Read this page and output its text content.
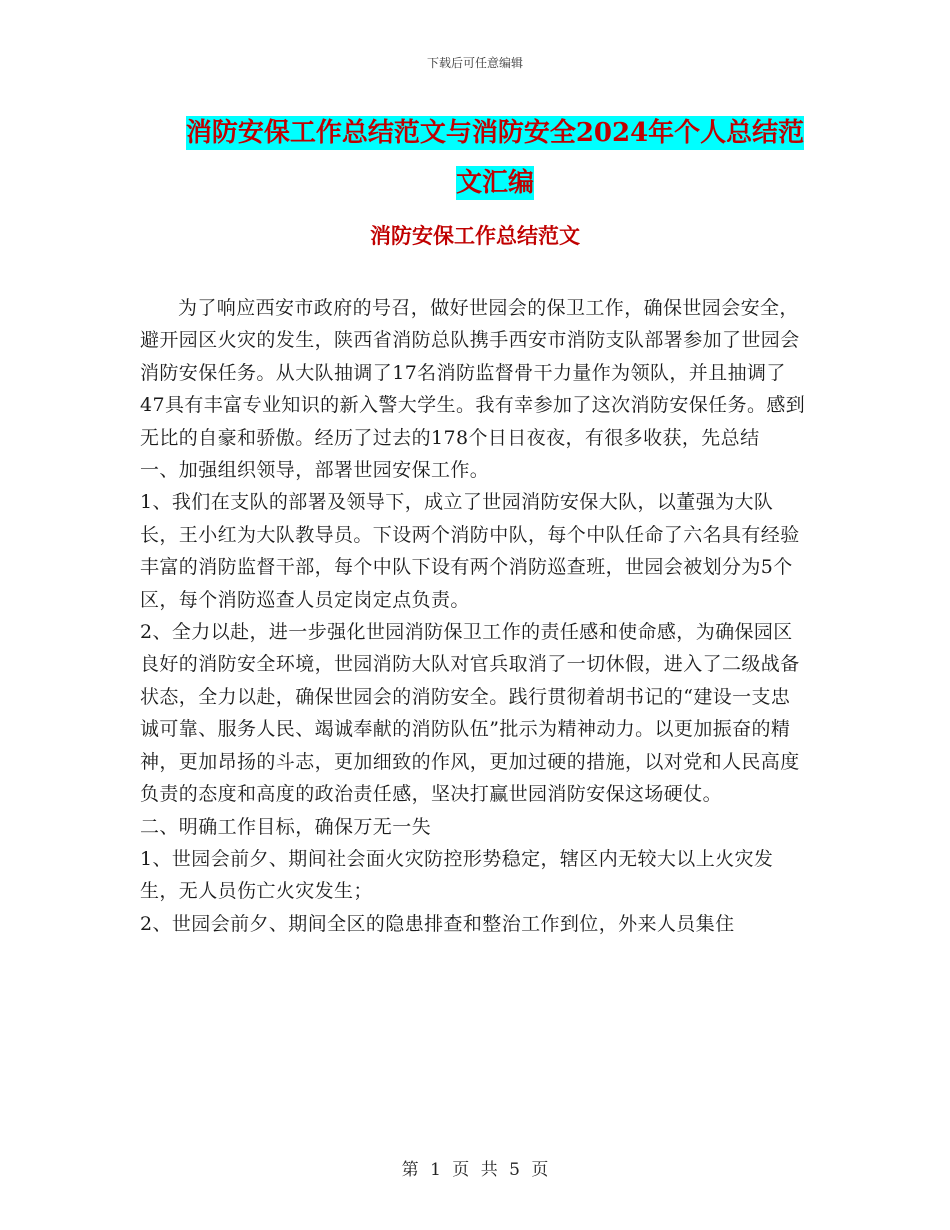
下载后可任意编辑
消防安保工作总结范文与消防安全2024年个人总结范
文汇编
消防安保工作总结范文

为了响应西安市政府的号召，做好世园会的保卫工作，确保世园会安全，避开园区火灾的发生，陕西省消防总队携手西安市消防支队部署参加了世园会消防安保任务。从大队抽调了17名消防监督骨干力量作为领队，并且抽调了47具有丰富专业知识的新入警大学生。我有幸参加了这次消防安保任务。感到无比的自豪和骄傲。经历了过去的178个日日夜夜，有很多收获，先总结

一、加强组织领导，部署世园安保工作。

1、我们在支队的部署及领导下，成立了世园消防安保大队，以董强为大队长，王小红为大队教导员。下设两个消防中队，每个中队任命了六名具有经验丰富的消防监督干部，每个中队下设有两个消防巡查班，世园会被划分为5个区，每个消防巡查人员定岗定点负责。

2、全力以赴，进一步强化世园消防保卫工作的责任感和使命感，为确保园区良好的消防安全环境，世园消防大队对官兵取消了一切休假，进入了二级战备状态，全力以赴，确保世园会的消防安全。践行贯彻着胡书记的“建设一支忠诚可靠、服务人民、竭诚奉献的消防队伍”批示为精神动力。以更加振奋的精神，更加昂扬的斗志，更加细致的作风，更加过硬的措施，以对党和人民高度负责的态度和高度的政治责任感，坚决打赢世园消防安保这场硬仗。

二、明确工作目标，确保万无一失

1、世园会前夕、期间社会面火灾防控形势稳定，辖区内无较大以上火灾发生，无人员伤亡火灾发生；

2、世园会前夕、期间全区的隐患排查和整治工作到位，外来人员集住

第 1 页 共 5 页
